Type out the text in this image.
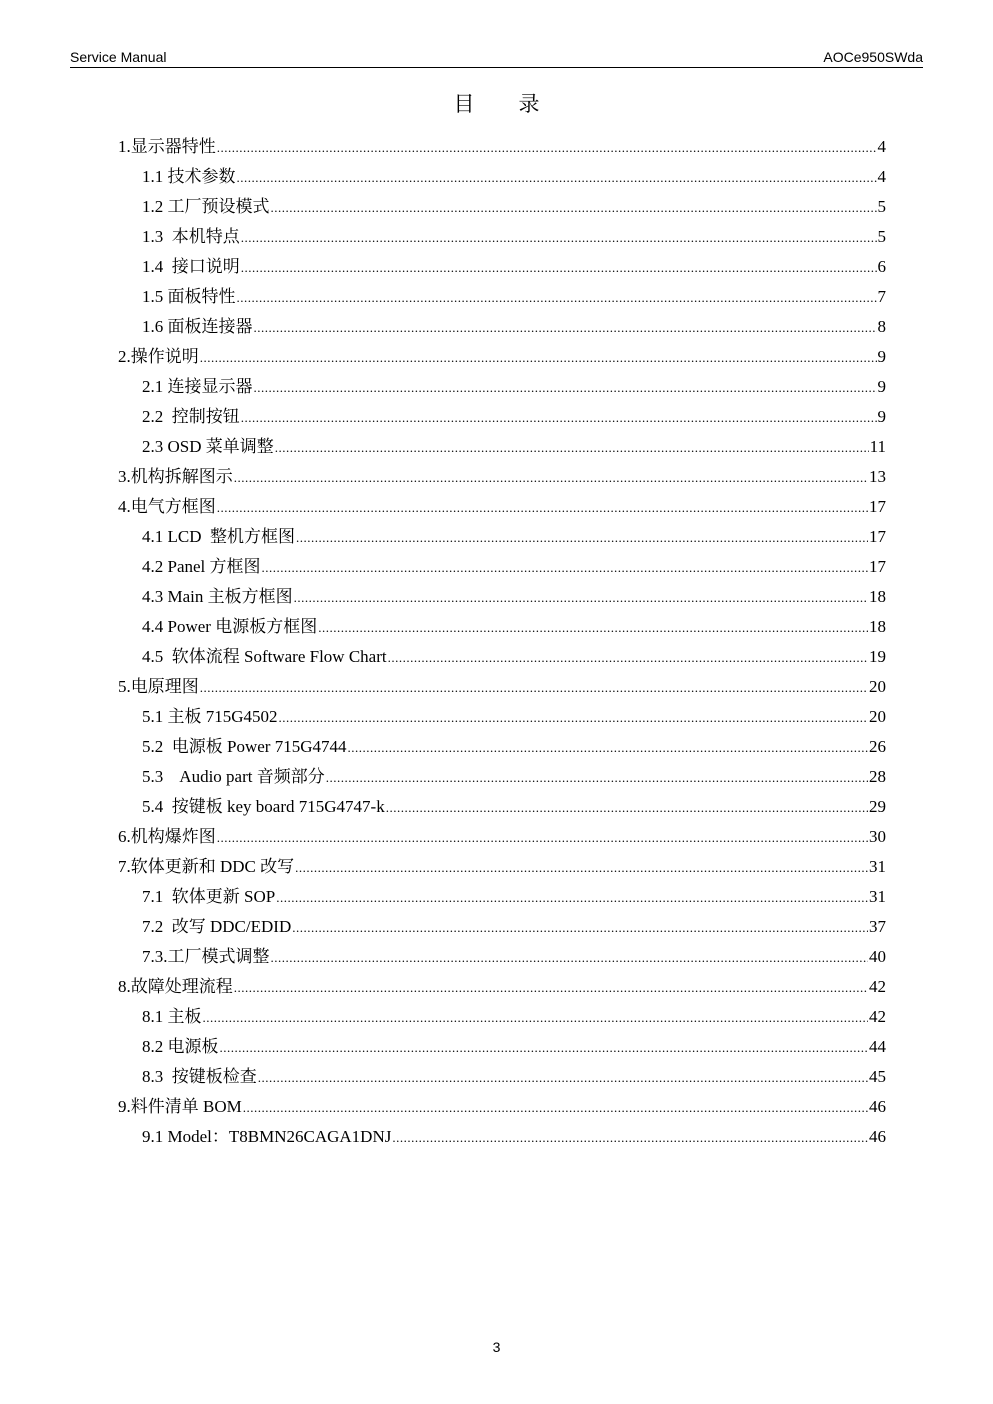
Service Manual	AOCe950SWda
目录
1.显示器特性 .....	4
1.1 技术参数 .....	4
1.2 工厂预设模式 .....	5
1.3  本机特点 .....	5
1.4  接口说明 .....	6
1.5 面板特性 .....	7
1.6 面板连接器 .....	8
2.操作说明 .....	9
2.1 连接显示器 .....	9
2.2  控制按钮 .....	9
2.3 OSD 菜单调整 .....	11
3.机构拆解图示 .....	13
4.电气方框图 .....	17
4.1 LCD  整机方框图 .....	17
4.2 Panel 方框图 .....	17
4.3 Main 主板方框图 .....	18
4.4 Power 电源板方框图 .....	18
4.5  软体流程 Software Flow Chart .....	19
5.电原理图 .....	20
5.1 主板 715G4502 .....	20
5.2  电源板 Power 715G4744 .....	26
5.3    Audio part 音频部分 .....	28
5.4  按键板 key board 715G4747-k .....	29
6.机构爆炸图 .....	30
7.软体更新和 DDC 改写 .....	31
7.1  软体更新 SOP .....	31
7.2  改写 DDC/EDID .....	37
7.3.工厂模式调整 .....	40
8.故障处理流程 .....	42
8.1 主板 .....	42
8.2 电源板 .....	44
8.3  按键板检查 .....	45
9.料件清单 BOM .....	46
9.1 Model：T8BMN26CAGA1DNJ .....	46
3
